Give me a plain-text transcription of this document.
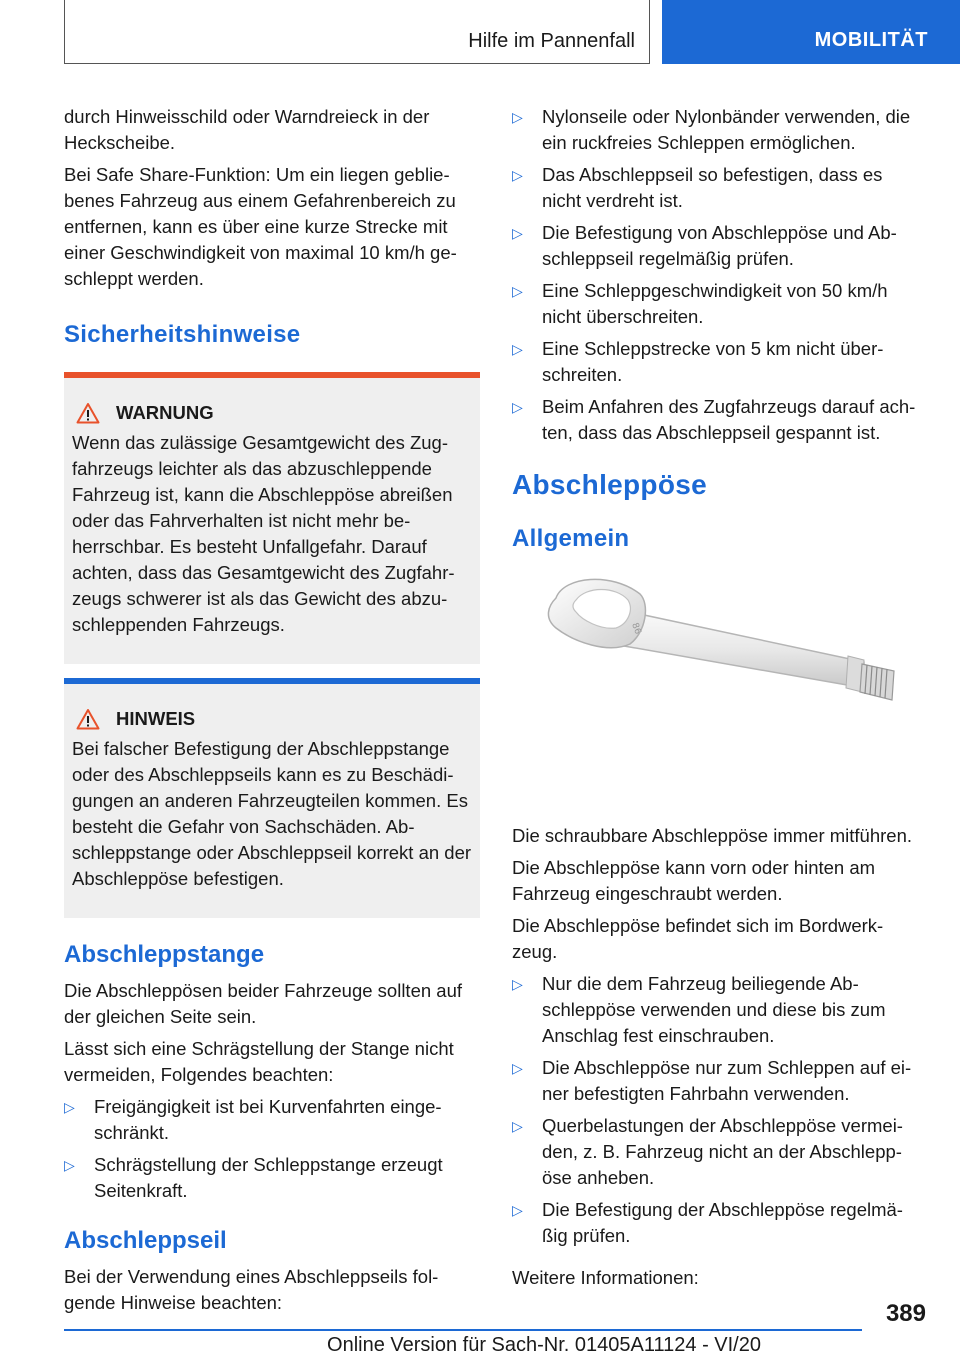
Hilfe im Pannenfall	MOBILITÄT

durch Hinweisschild oder Warndreieck in der Heckscheibe.

Bei Safe Share-Funktion: Um ein liegen geblie-benes Fahrzeug aus einem Gefahrenbereich zu entfernen, kann es über eine kurze Strecke mit einer Geschwindigkeit von maximal 10 km/h ge-schleppt werden.

Sicherheitshinweise
WARNUNG
Wenn das zulässige Gesamtgewicht des Zug-fahrzeugs leichter als das abzuschleppende Fahrzeug ist, kann die Abschleppöse abreißen oder das Fahrverhalten ist nicht mehr be-herrschbar. Es besteht Unfallgefahr. Darauf achten, dass das Gesamtgewicht des Zugfahr-zeugs schwerer ist als das Gewicht des abzu-schleppenden Fahrzeugs.
HINWEIS
Bei falscher Befestigung der Abschleppstange oder des Abschleppseils kann es zu Beschädi-gungen an anderen Fahrzeugteilen kommen. Es besteht die Gefahr von Sachschäden. Ab-schleppstange oder Abschleppseil korrekt an der Abschleppöse befestigen.
Abschleppstange

Die Abschleppösen beider Fahrzeuge sollten auf der gleichen Seite sein.

Lässt sich eine Schrägstellung der Stange nicht vermeiden, Folgendes beachten:

▷	Freigängigkeit ist bei Kurvenfahrten einge-schränkt.
▷	Schrägstellung der Schleppstange erzeugt Seitenkraft.
Abschleppseil

Bei der Verwendung eines Abschleppseils fol-gende Hinweise beachten:

▷	Nylonseile oder Nylonbänder verwenden, die ein ruckfreies Schleppen ermöglichen.
▷	Das Abschleppseil so befestigen, dass es nicht verdreht ist.
▷	Die Befestigung von Abschleppöse und Ab-schleppseil regelmäßig prüfen.
▷	Eine Schleppgeschwindigkeit von 50 km/h nicht überschreiten.
▷	Eine Schleppstrecke von 5 km nicht über-schreiten.
▷	Beim Anfahren des Zugfahrzeugs darauf ach-ten, dass das Abschleppseil gespannt ist.
Abschleppöse
Allgemein
86

Die schraubbare Abschleppöse immer mitführen.

Die Abschleppöse kann vorn oder hinten am Fahrzeug eingeschraubt werden.

Die Abschleppöse befindet sich im Bordwerk-zeug.

▷	Nur die dem Fahrzeug beiliegende Ab-schleppöse verwenden und diese bis zum Anschlag fest einschrauben.
▷	Die Abschleppöse nur zum Schleppen auf ei-ner befestigten Fahrbahn verwenden.
▷	Querbelastungen der Abschleppöse vermei-den, z. B. Fahrzeug nicht an der Abschlepp-öse anheben.
▷	Die Befestigung der Abschleppöse regelmä-ßig prüfen.

Weitere Informationen:

389
Online Version für Sach-Nr. 01405A11124 - VI/20
